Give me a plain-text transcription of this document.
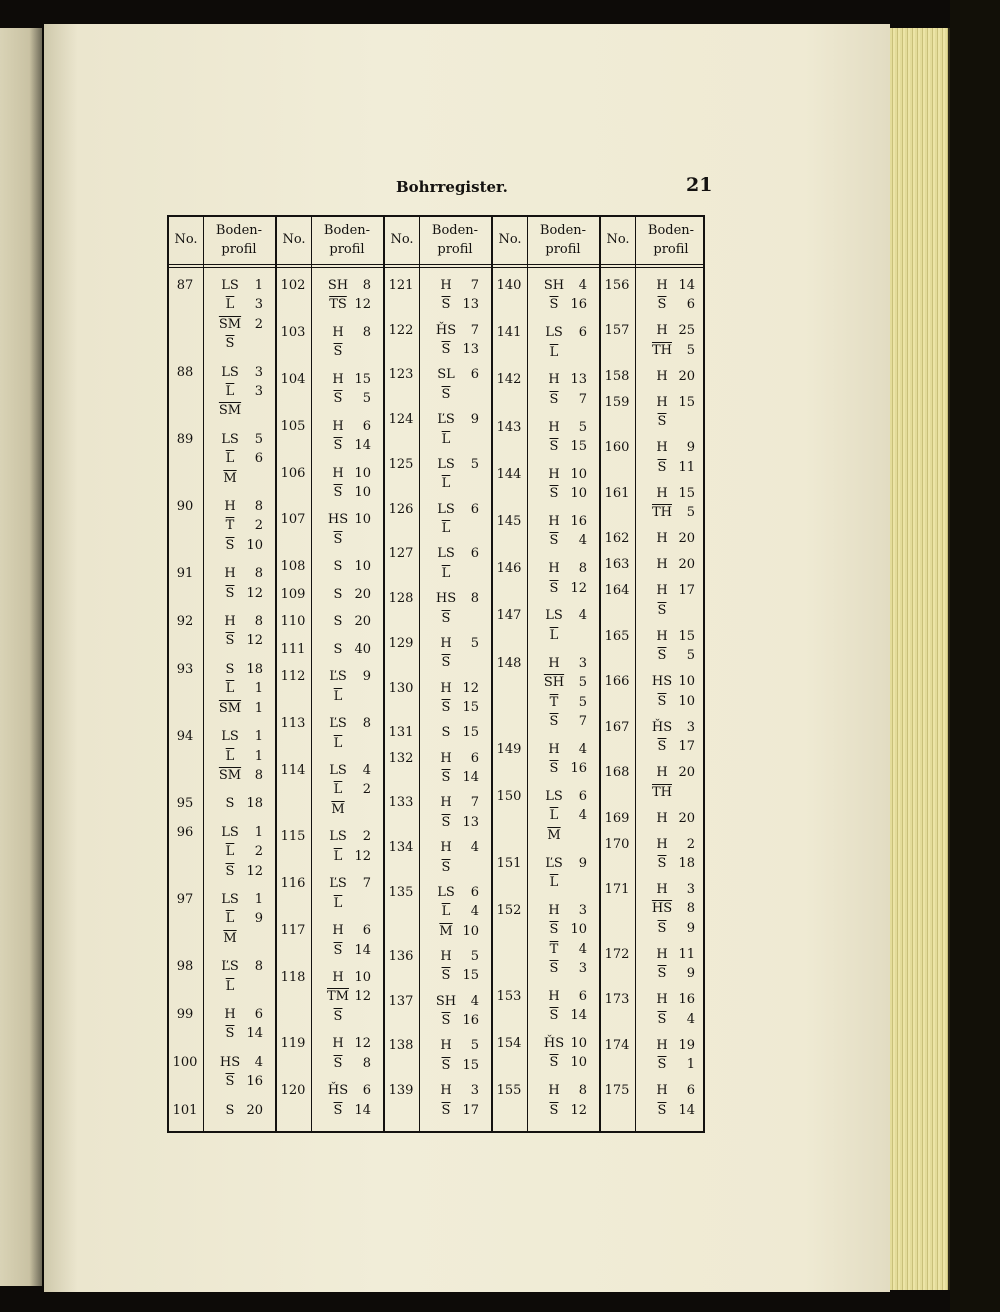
Bohrregister.	21
No.
Boden-
profil
87	LS 1
$\overline{L}$ 3
$\overline{SM}$ 2
$\overline{S}$
88	LS 3
$\overline{L}$ 3
$\overline{SM}$
89	LS 5
$\overline{L}$ 6
$\overline{M}$
90	H 8
$\overline{T}$ 2
$\overline{S}$ 10
91	H 8
$\overline{S}$ 12
92	H 8
$\overline{S}$ 12
93	S 18
$\overline{L}$ 1
$\overline{SM}$ 1
94	LS 1
$\overline{L}$ 1
$\overline{SM}$ 8
95	S 18
96	LS 1
$\overline{L}$ 2
$\overline{S}$ 12
97	LS 1
$\overline{L}$ 9
$\overline{M}$
98	ĽS 8
$\overline{L}$
99	H 6
$\overline{S}$ 14
100	HS 4
$\overline{S}$ 16
101	S 20
No.
Boden-
profil
102	SH 8
$\overline{TS}$ 12
103	H 8
$\overline{S}$
104	H 15
$\overline{S}$ 5
105	H 6
$\overline{S}$ 14
106	H 10
$\overline{S}$ 10
107	HS 10
$\overline{S}$
108	S 10
109	S 20
110	S 20
111	S 40
112	ĽS 9
$\overline{L}$
113	ĽS 8
$\overline{L}$
114	LS 4
$\overline{L}$ 2
$\overline{M}$
115	LS 2
$\overline{L}$ 12
116	ĽS 7
$\overline{L}$
117	H 6
$\overline{S}$ 14
118	H 10
$\overline{TM}$ 12
$\overline{S}$
119	H 12
$\overline{S}$ 8
120	ȞS 6
$\overline{S}$ 14
No.
Boden-
profil
121	H 7
$\overline{S}$ 13
122	ȞS 7
$\overline{S}$ 13
123	SL 6
$\overline{S}$
124	ĽS 9
$\overline{L}$
125	LS 5
$\overline{L}$
126	LS 6
$\overline{L}$
127	LS 6
$\overline{L}$
128	HS 8
$\overline{S}$
129	H 5
$\overline{S}$
130	H 12
$\overline{S}$ 15
131	S 15
132	H 6
$\overline{S}$ 14
133	H 7
$\overline{S}$ 13
134	H 4
$\overline{S}$
135	LS 6
$\overline{L}$ 4
$\overline{M}$ 10
136	H 5
$\overline{S}$ 15
137	SH 4
$\overline{S}$ 16
138	H 5
$\overline{S}$ 15
139	H 3
$\overline{S}$ 17
No.
Boden-
profil
140	SH 4
$\overline{S}$ 16
141	LS 6
$\overline{L}$
142	H 13
$\overline{S}$ 7
143	H 5
$\overline{S}$ 15
144	H 10
$\overline{S}$ 10
145	H 16
$\overline{S}$ 4
146	H 8
$\overline{S}$ 12
147	LS 4
$\overline{L}$
148	H 3
$\overline{SH}$ 5
$\overline{T}$ 5
$\overline{S}$ 7
149	H 4
$\overline{S}$ 16
150	LS 6
$\overline{L}$ 4
$\overline{M}$
151	ĽS 9
$\overline{L}$
152	H 3
$\overline{S}$ 10
$\overline{T}$ 4
$\overline{S}$ 3
153	H 6
$\overline{S}$ 14
154	ȞS 10
$\overline{S}$ 10
155	H 8
$\overline{S}$ 12
No.
Boden-
profil
156	H 14
$\overline{S}$ 6
157	H 25
$\overline{TH}$ 5
158	H 20
159	H 15
$\overline{S}$
160	H 9
$\overline{S}$ 11
161	H 15
$\overline{TH}$ 5
162	H 20
163	H 20
164	H 17
$\overline{S}$
165	H 15
$\overline{S}$ 5
166	HS 10
$\overline{S}$ 10
167	ȞS 3
$\overline{S}$ 17
168	H 20
$\overline{TH}$
169	H 20
170	H 2
$\overline{S}$ 18
171	H 3
$\overline{HS}$ 8
$\overline{S}$ 9
172	H 11
$\overline{S}$ 9
173	H 16
$\overline{S}$ 4
174	H 19
$\overline{S}$ 1
175	H 6
$\overline{S}$ 14
